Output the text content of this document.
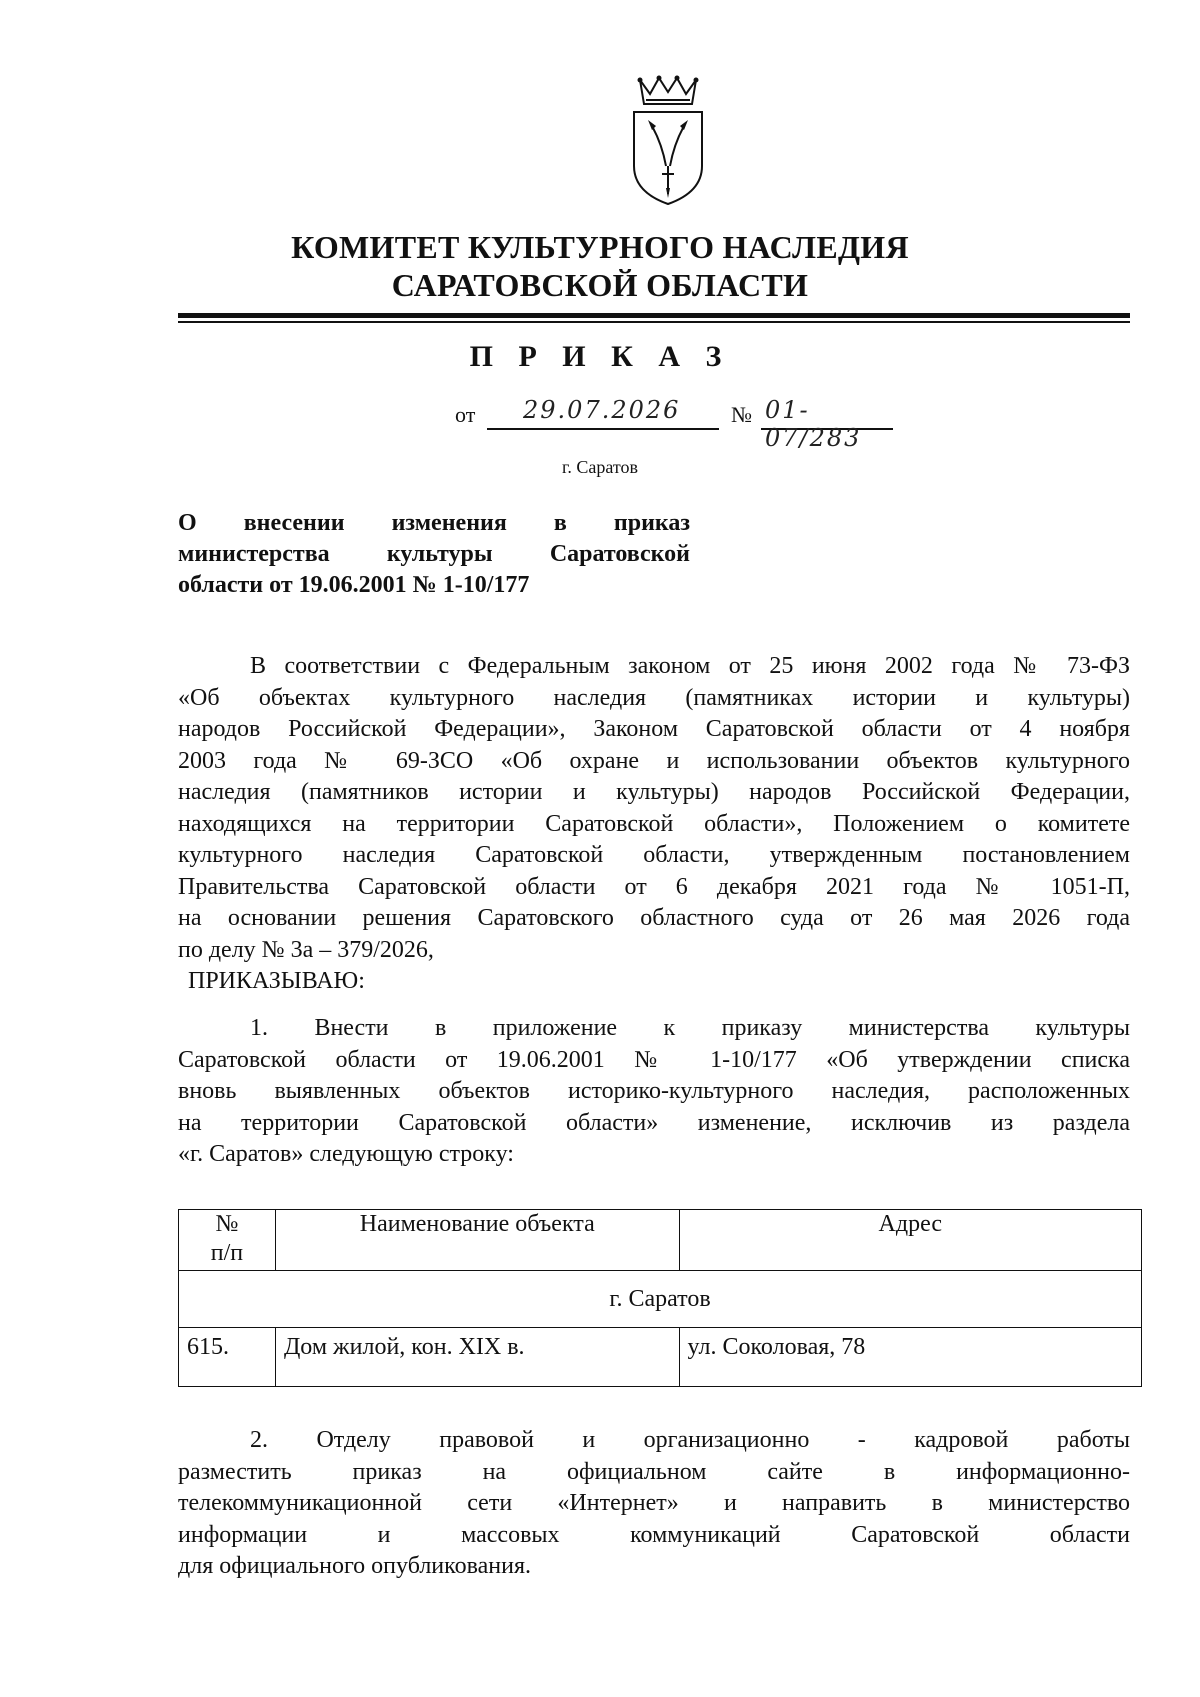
КОМИТЕТ КУЛЬТУРНОГО НАСЛЕДИЯ
САРАТОВСКОЙ ОБЛАСТИ
П Р И К А З
от 29.07.2026 № 01-07/283
г. Саратов
О внесении изменения в приказ
министерства культуры Саратовской
области от 19.06.2001 № 1-10/177
В соответствии с Федеральным законом от 25 июня 2002 года № 73-ФЗ
«Об объектах культурного наследия (памятниках истории и культуры)
народов Российской Федерации», Законом Саратовской области от 4 ноября
2003 года № 69-ЗСО «Об охране и использовании объектов культурного
наследия (памятников истории и культуры) народов Российской Федерации,
находящихся на территории Саратовской области», Положением о комитете
культурного наследия Саратовской области, утвержденным постановлением
Правительства Саратовской области от 6 декабря 2021 года № 1051-П,
на основании решения Саратовского областного суда от 26 мая 2026 года
по делу № 3а – 379/2026,
ПРИКАЗЫВАЮ:
1. Внести в приложение к приказу министерства культуры
Саратовской области от 19.06.2001 № 1-10/177 «Об утверждении списка
вновь выявленных объектов историко-культурного наследия, расположенных
на территории Саратовской области» изменение, исключив из раздела
«г. Саратов» следующую строку:
№
п/п	Наименование объекта	Адрес
г. Саратов		
615.	Дом жилой, кон. XIX в.	ул. Соколовая, 78
2. Отделу правовой и организационно - кадровой работы
разместить приказ на официальном сайте в информационно-
телекоммуникационной сети «Интернет» и направить в министерство
информации и массовых коммуникаций Саратовской области
для официального опубликования.
